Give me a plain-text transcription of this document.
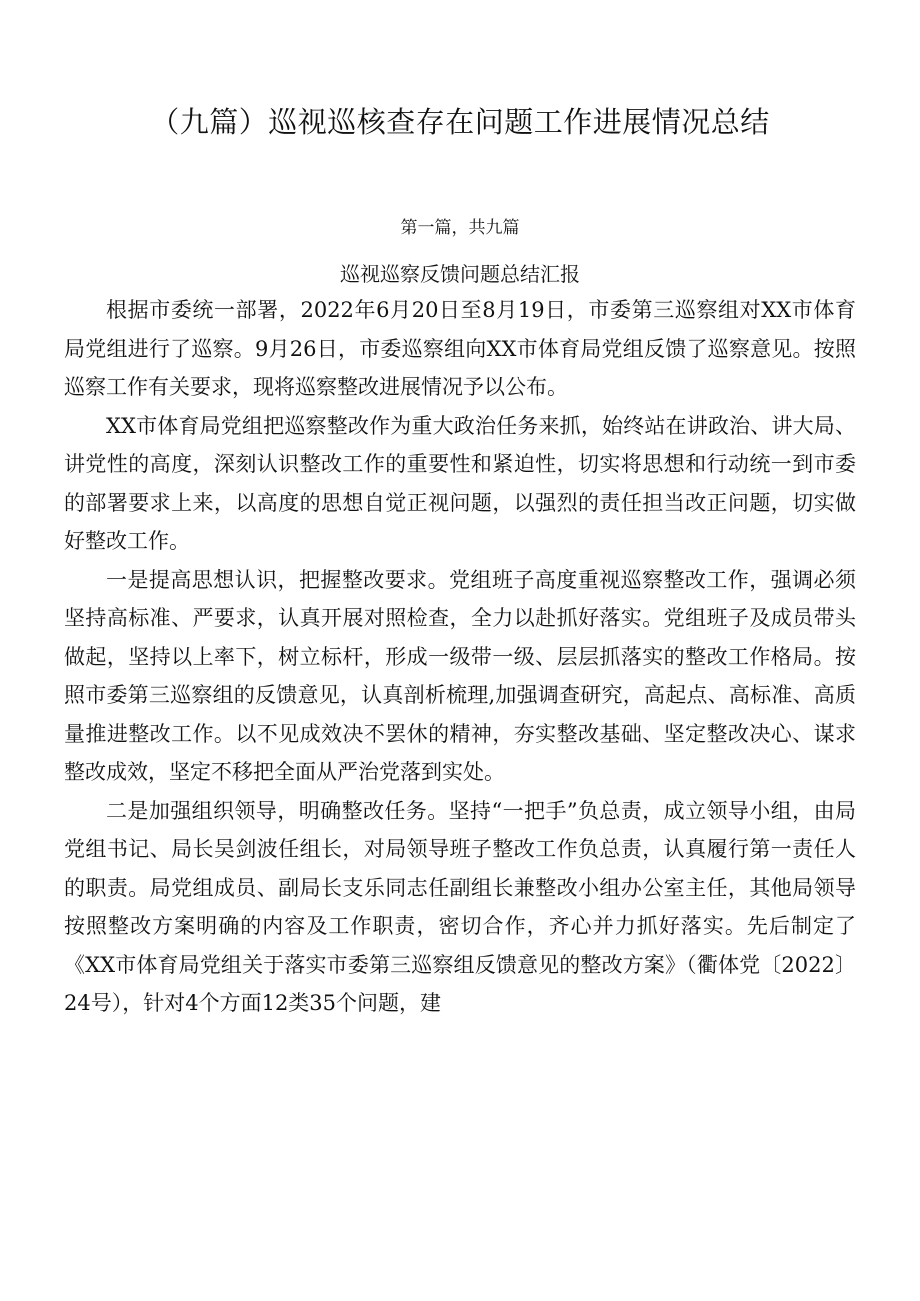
（九篇）巡视巡核查存在问题工作进展情况总结
第一篇，共九篇
巡视巡察反馈问题总结汇报

根据市委统一部署，2022年6月20日至8月19日，市委第三巡察组对XX市体育局党组进行了巡察。9月26日，市委巡察组向XX市体育局党组反馈了巡察意见。按照巡察工作有关要求，现将巡察整改进展情况予以公布。

XX市体育局党组把巡察整改作为重大政治任务来抓，始终站在讲政治、讲大局、讲党性的高度，深刻认识整改工作的重要性和紧迫性，切实将思想和行动统一到市委的部署要求上来，以高度的思想自觉正视问题，以强烈的责任担当改正问题，切实做好整改工作。

一是提高思想认识，把握整改要求。党组班子高度重视巡察整改工作，强调必须坚持高标准、严要求，认真开展对照检查，全力以赴抓好落实。党组班子及成员带头做起，坚持以上率下，树立标杆，形成一级带一级、层层抓落实的整改工作格局。按照市委第三巡察组的反馈意见，认真剖析梳理,加强调查研究，高起点、高标准、高质量推进整改工作。以不见成效决不罢休的精神，夯实整改基础、坚定整改决心、谋求整改成效，坚定不移把全面从严治党落到实处。

二是加强组织领导，明确整改任务。坚持“一把手”负总责，成立领导小组，由局党组书记、局长吴剑波任组长，对局领导班子整改工作负总责，认真履行第一责任人的职责。局党组成员、副局长支乐同志任副组长兼整改小组办公室主任，其他局领导按照整改方案明确的内容及工作职责，密切合作，齐心并力抓好落实。先后制定了《XX市体育局党组关于落实市委第三巡察组反馈意见的整改方案》（衢体党〔2022〕24号），针对4个方面12类35个问题，建
